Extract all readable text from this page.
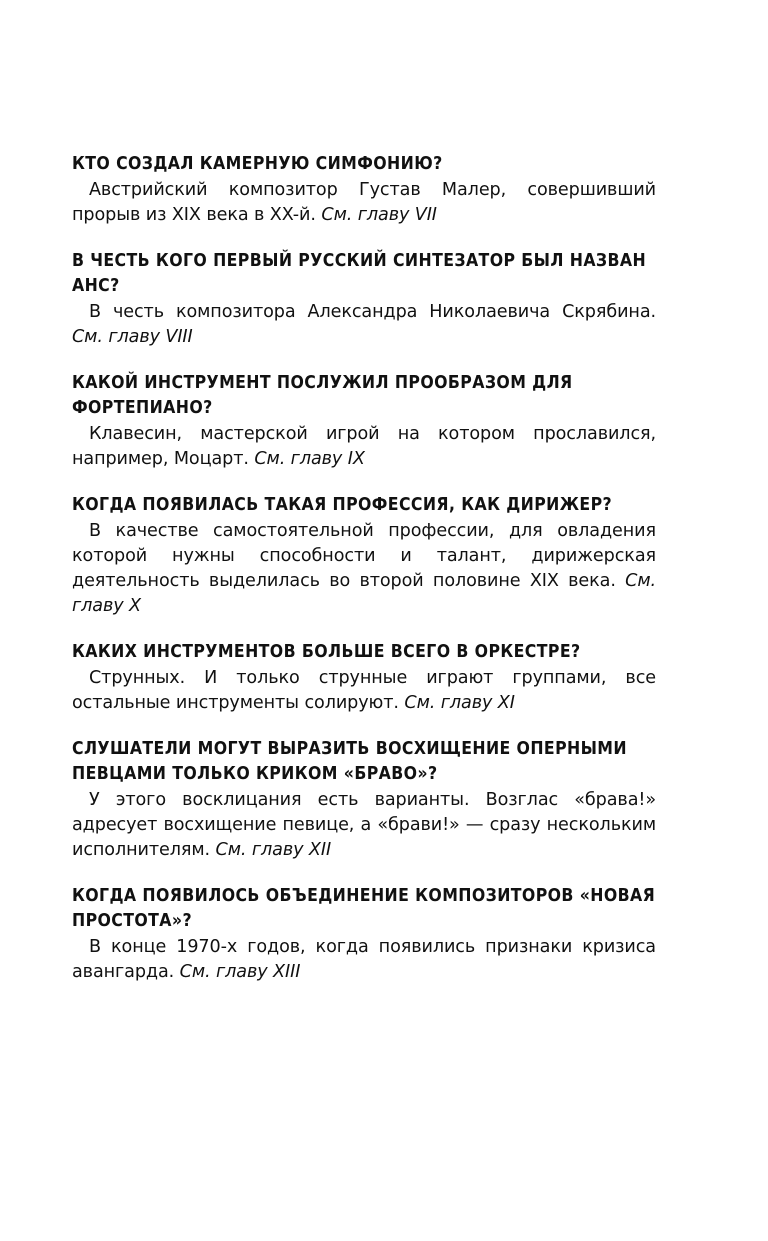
КТО СОЗДАЛ КАМЕРНУЮ СИМФОНИЮ?

Австрийский композитор Густав Малер, совершивший прорыв из XIX века в XX-й. См. главу VII

В ЧЕСТЬ КОГО ПЕРВЫЙ РУССКИЙ СИНТЕЗАТОР БЫЛ НАЗВАН АНС?

В честь композитора Александра Николаевича Скрябина. См. главу VIII

КАКОЙ ИНСТРУМЕНТ ПОСЛУЖИЛ ПРООБРАЗОМ ДЛЯ ФОРТЕПИАНО?

Клавесин, мастерской игрой на котором прославился, например, Моцарт. См. главу IX

КОГДА ПОЯВИЛАСЬ ТАКАЯ ПРОФЕССИЯ, КАК ДИРИЖЕР?

В качестве самостоятельной профессии, для овладения которой нужны способности и талант, дирижерская деятельность выделилась во второй половине XIX века. См. главу X

КАКИХ ИНСТРУМЕНТОВ БОЛЬШЕ ВСЕГО В ОРКЕСТРЕ?

Струнных. И только струнные играют группами, все остальные инструменты солируют. См. главу XI

СЛУШАТЕЛИ МОГУТ ВЫРАЗИТЬ ВОСХИЩЕНИЕ ОПЕРНЫМИ ПЕВЦАМИ ТОЛЬКО КРИКОМ «БРАВО»?

У этого восклицания есть варианты. Возглас «брава!» адресует восхищение певице, а «брави!» — сразу нескольким исполнителям. См. главу XII

КОГДА ПОЯВИЛОСЬ ОБЪЕДИНЕНИЕ КОМПОЗИТОРОВ «НОВАЯ ПРОСТОТА»?

В конце 1970-х годов, когда появились признаки кризиса авангарда. См. главу XIII
